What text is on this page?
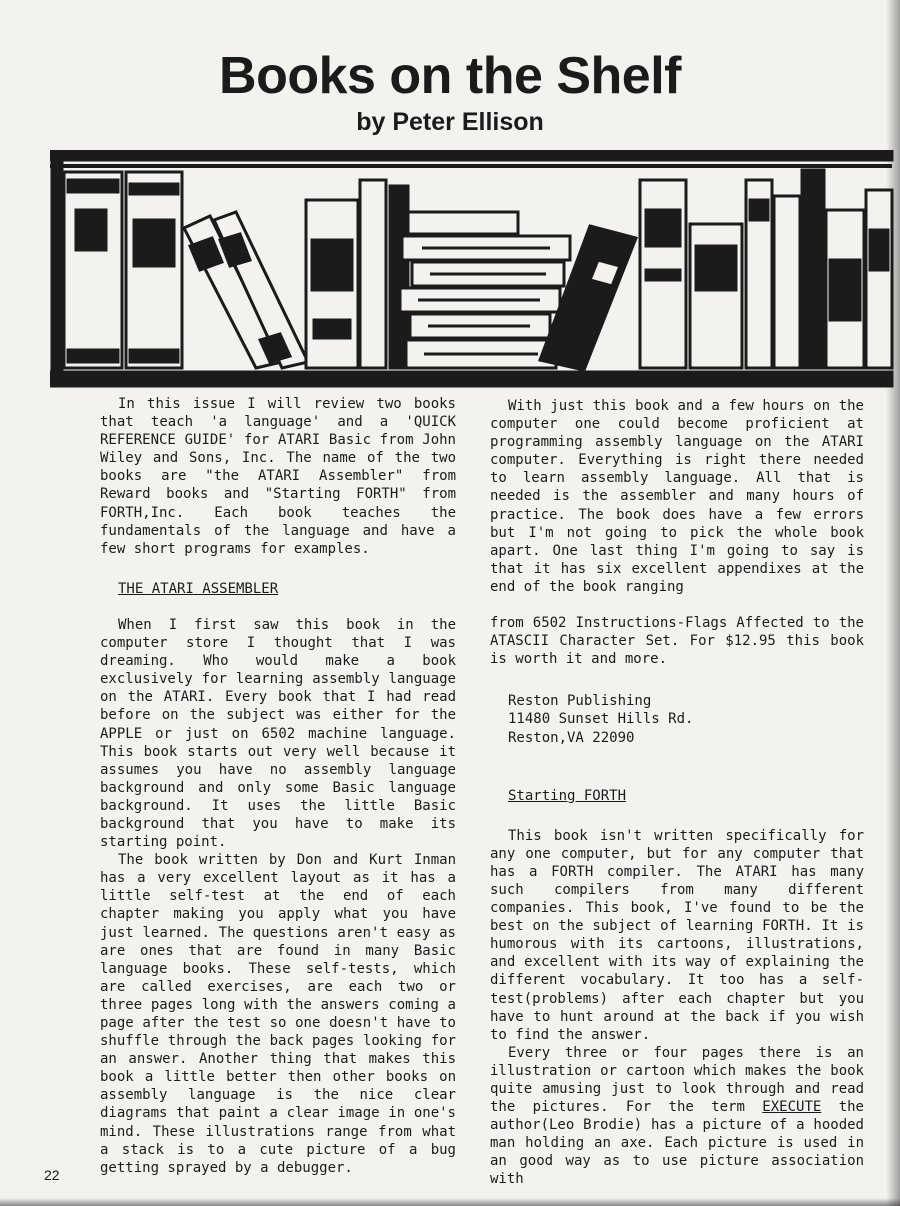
Books on the Shelf
by Peter Ellison

In this issue I will review two books that teach 'a language' and a 'QUICK REFERENCE GUIDE' for ATARI Basic from John Wiley and Sons, Inc. The name of the two books are "the ATARI Assembler" from Reward books and "Starting FORTH" from FORTH,Inc. Each book teaches the fundamentals of the language and have a few short programs for examples.

THE ATARI ASSEMBLER

When I first saw this book in the computer store I thought that I was dreaming. Who would make a book exclusively for learning assembly language on the ATARI. Every book that I had read before on the subject was either for the APPLE or just on 6502 machine language. This book starts out very well because it assumes you have no assembly language background and only some Basic language background. It uses the little Basic background that you have to make its starting point.

The book written by Don and Kurt Inman has a very excellent layout as it has a little self-test at the end of each chapter making you apply what you have just learned. The questions aren't easy as are ones that are found in many Basic language books. These self-tests, which are called exercises, are each two or three pages long with the answers coming a page after the test so one doesn't have to shuffle through the back pages looking for an answer. Another thing that makes this book a little better then other books on assembly language is the nice clear diagrams that paint a clear image in one's mind. These illustrations range from what a stack is to a cute picture of a bug getting sprayed by a debugger.

With just this book and a few hours on the computer one could become proficient at programming assembly language on the ATARI computer. Everything is right there needed to learn assembly language. All that is needed is the assembler and many hours of practice. The book does have a few errors but I'm not going to pick the whole book apart. One last thing I'm going to say is that it has six excellent appendixes at the end of the book ranging

from 6502 Instructions-Flags Affected to the ATASCII Character Set. For $12.95 this book is worth it and more.

Reston Publishing

11480 Sunset Hills Rd.

Reston,VA 22090

Starting FORTH

This book isn't written specifically for any one computer, but for any computer that has a FORTH compiler. The ATARI has many such compilers from many different companies. This book, I've found to be the best on the subject of learning FORTH. It is humorous with its cartoons, illustrations, and excellent with its way of explaining the different vocabulary. It too has a self-test(problems) after each chapter but you have to hunt around at the back if you wish to find the answer.

Every three or four pages there is an illustration or cartoon which makes the book quite amusing just to look through and read the pictures. For the term EXECUTE the author(Leo Brodie) has a picture of a hooded man holding an axe. Each picture is used in an good way as to use picture association with

22
